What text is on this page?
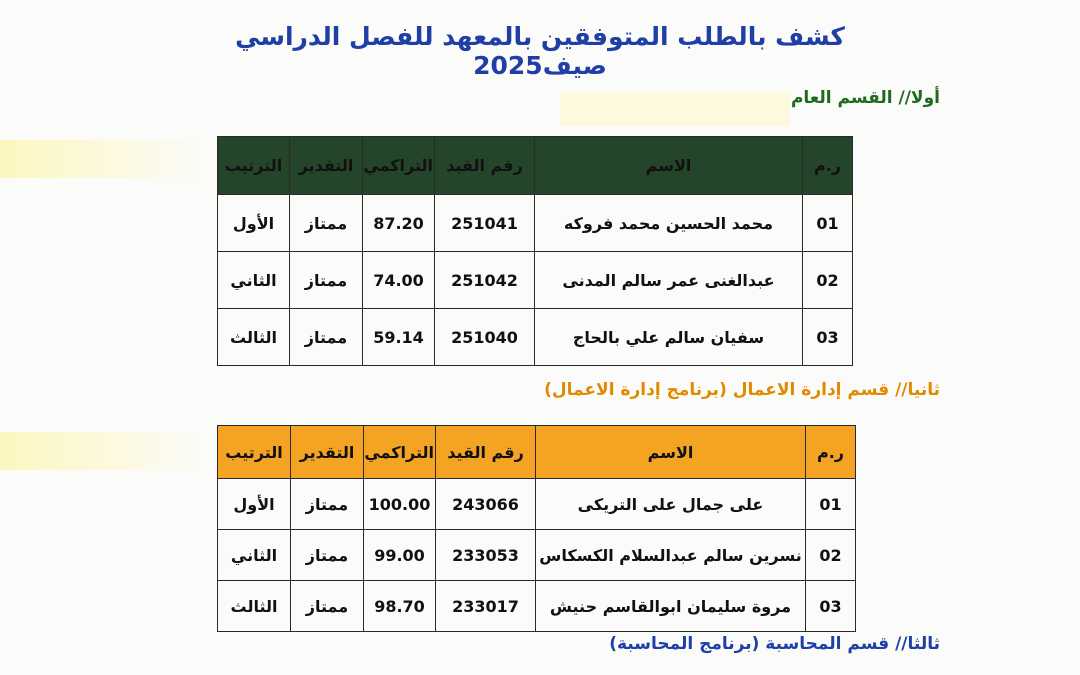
كشف بالطلب المتوفقين بالمعهد للفصل الدراسي صيف2025
أولا// القسم العام
ر.م	الاسم	رقم القيد	التراكمي	التقدير	الترتيب
01	محمد الحسين محمد فروكه	251041	87.20	ممتاز	الأول
02	عبدالغنى عمر سالم المدنى	251042	74.00	ممتاز	الثاني
03	سفيان سالم علي بالحاج	251040	59.14	ممتاز	الثالث
ثانيا// قسم إدارة الاعمال (برنامج إدارة الاعمال)
ر.م	الاسم	رقم القيد	التراكمي	التقدير	الترتيب
01	على جمال على التريكى	243066	100.00	ممتاز	الأول
02	نسرين سالم عبدالسلام الكسكاس	233053	99.00	ممتاز	الثاني
03	مروة سليمان ابوالقاسم حنيش	233017	98.70	ممتاز	الثالث
ثالثا// قسم المحاسبة (برنامج المحاسبة)
